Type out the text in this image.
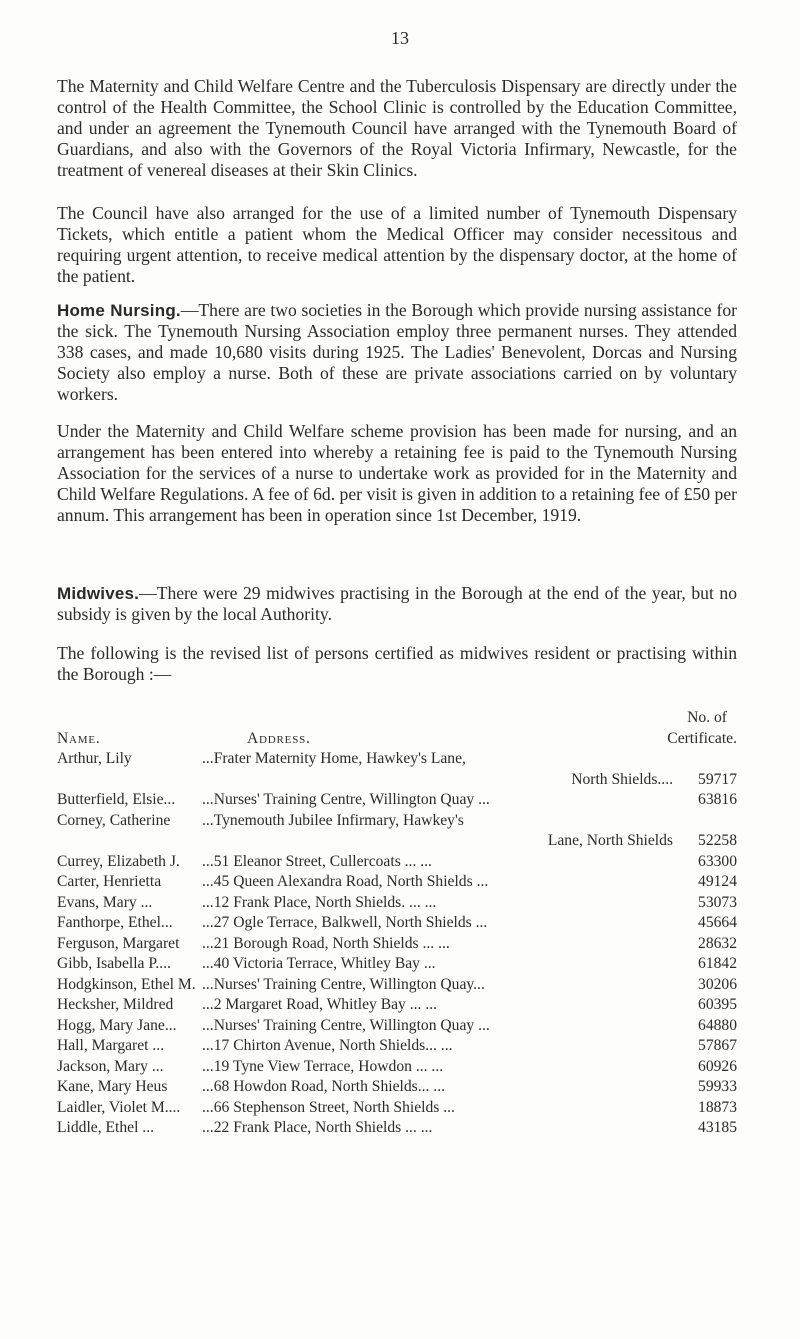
13

The Maternity and Child Welfare Centre and the Tuberculosis Dispensary are directly under the control of the Health Committee, the School Clinic is controlled by the Education Committee, and under an agreement the Tynemouth Council have arranged with the Tynemouth Board of Guardians, and also with the Governors of the Royal Victoria Infirmary, Newcastle, for the treatment of venereal diseases at their Skin Clinics.

The Council have also arranged for the use of a limited number of Tynemouth Dispensary Tickets, which entitle a patient whom the Medical Officer may consider necessitous and requiring urgent attention, to receive medical attention by the dispensary doctor, at the home of the patient.

Home Nursing.—There are two societies in the Borough which provide nursing assistance for the sick. The Tynemouth Nursing Association employ three permanent nurses. They attended 338 cases, and made 10,680 visits during 1925. The Ladies' Benevolent, Dorcas and Nursing Society also employ a nurse. Both of these are private associations carried on by voluntary workers.

Under the Maternity and Child Welfare scheme provision has been made for nursing, and an arrangement has been entered into whereby a retaining fee is paid to the Tynemouth Nursing Association for the services of a nurse to undertake work as provided for in the Maternity and Child Welfare Regulations. A fee of 6d. per visit is given in addition to a retaining fee of £50 per annum. This arrangement has been in operation since 1st December, 1919.

Midwives.—There were 29 midwives practising in the Borough at the end of the year, but no subsidy is given by the local Authority.

The following is the revised list of persons certified as midwives resident or practising within the Borough :—

Name.	Address.
No. of
Certificate.
Arthur, Lily	...Frater Maternity Home, Hawkey's Lane,
North Shields.... 59717
Butterfield, Elsie... ...Nurses' Training Centre, Willington Quay ...	63816
Corney, Catherine ...Tynemouth Jubilee Infirmary, Hawkey's
Lane, North Shields 52258
Currey, Elizabeth J. ...51 Eleanor Street, Cullercoats ... ...	63300
Carter, Henrietta	...45 Queen Alexandra Road, North Shields ...	49124
Evans, Mary ...	...12 Frank Place, North Shields. ... ...	53073
Fanthorpe, Ethel... ...27 Ogle Terrace, Balkwell, North Shields ...	45664
Ferguson, Margaret ...21 Borough Road, North Shields ... ...	28632
Gibb, Isabella P.... ...40 Victoria Terrace, Whitley Bay ...	61842
Hodgkinson, Ethel M. ...Nurses' Training Centre, Willington Quay...	30206
Hecksher, Mildred ...2 Margaret Road, Whitley Bay ... ...	60395
Hogg, Mary Jane... ...Nurses' Training Centre, Willington Quay ...	64880
Hall, Margaret ... ...17 Chirton Avenue, North Shields... ...	57867
Jackson, Mary ... ...19 Tyne View Terrace, Howdon ... ...	60926
Kane, Mary Heus ...68 Howdon Road, North Shields... ...	59933
Laidler, Violet M.... ...66 Stephenson Street, North Shields ...	18873
Liddle, Ethel ...	...22 Frank Place, North Shields ... ...	43185
